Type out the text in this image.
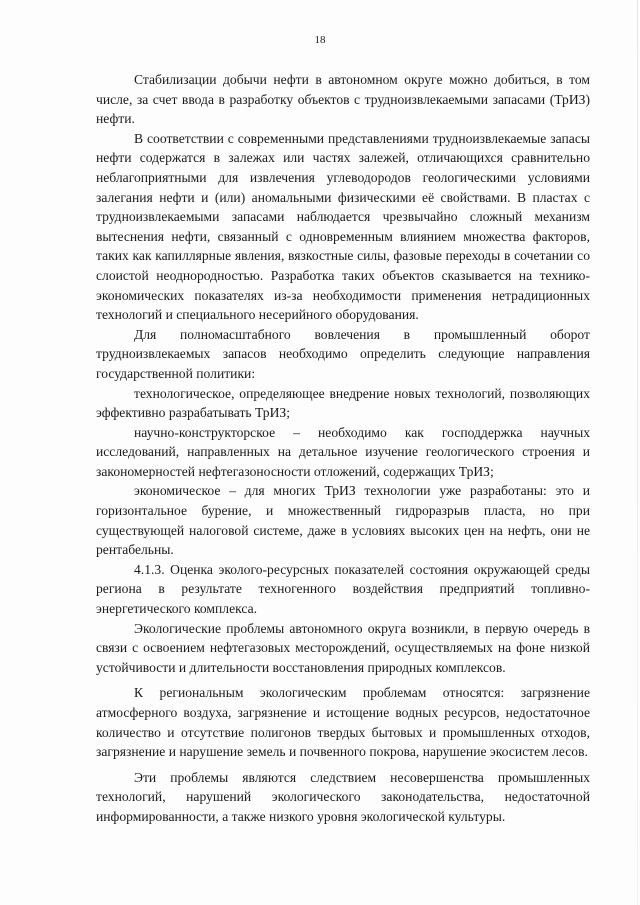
18

Стабилизации добычи нефти в автономном округе можно добиться, в том числе, за счет ввода в разработку объектов с трудноизвлекаемыми запасами (ТрИЗ) нефти.

В соответствии с современными представлениями трудноизвлекаемые запасы нефти содержатся в залежах или частях залежей, отличающихся сравнительно неблагоприятными для извлечения углеводородов геологическими условиями залегания нефти и (или) аномальными физическими её свойствами. В пластах с трудноизвлекаемыми запасами наблюдается чрезвычайно сложный механизм вытеснения нефти, связанный с одновременным влиянием множества факторов, таких как капиллярные явления, вязкостные силы, фазовые переходы в сочетании со слоистой неоднородностью. Разработка таких объектов сказывается на технико-экономических показателях из-за необходимости применения нетрадиционных технологий и специального несерийного оборудования.

Для полномасштабного вовлечения в промышленный оборот трудноизвлекаемых запасов необходимо определить следующие направления государственной политики:

технологическое, определяющее внедрение новых технологий, позволяющих эффективно разрабатывать ТрИЗ;

научно-конструкторское – необходимо как господдержка научных исследований, направленных на детальное изучение геологического строения и закономерностей нефтегазоносности отложений, содержащих ТрИЗ;

экономическое – для многих ТрИЗ технологии уже разработаны: это и горизонтальное бурение, и множественный гидроразрыв пласта, но при существующей налоговой системе, даже в условиях высоких цен на нефть, они не рентабельны.

4.1.3. Оценка эколого-ресурсных показателей состояния окружающей среды региона в результате техногенного воздействия предприятий топливно-энергетического комплекса.

Экологические проблемы автономного округа возникли, в первую очередь в связи с освоением нефтегазовых месторождений, осуществляемых на фоне низкой устойчивости и длительности восстановления природных комплексов.

К региональным экологическим проблемам относятся: загрязнение атмосферного воздуха, загрязнение и истощение водных ресурсов, недостаточное количество и отсутствие полигонов твердых бытовых и промышленных отходов, загрязнение и нарушение земель и почвенного покрова, нарушение экосистем лесов.

Эти проблемы являются следствием несовершенства промышленных технологий, нарушений экологического законодательства, недостаточной информированности, а также низкого уровня экологической культуры.
